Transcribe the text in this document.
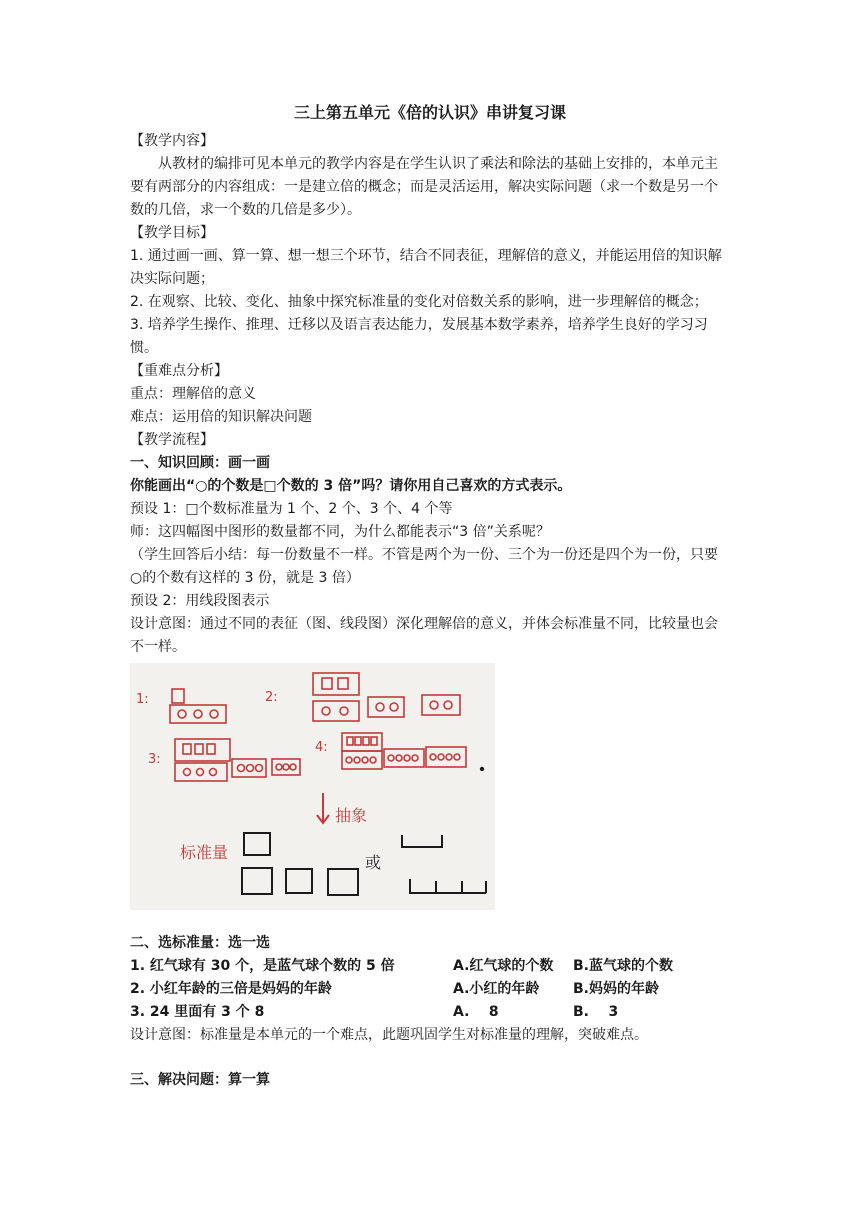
三上第五单元《倍的认识》串讲复习课

【教学内容】

从教材的编排可见本单元的教学内容是在学生认识了乘法和除法的基础上安排的，本单元主要有两部分的内容组成：一是建立倍的概念；而是灵活运用，解决实际问题（求一个数是另一个数的几倍，求一个数的几倍是多少）。

【教学目标】

1. 通过画一画、算一算、想一想三个环节，结合不同表征，理解倍的意义，并能运用倍的知识解决实际问题；

2. 在观察、比较、变化、抽象中探究标准量的变化对倍数关系的影响，进一步理解倍的概念；

3. 培养学生操作、推理、迁移以及语言表达能力，发展基本数学素养，培养学生良好的学习习惯。

【重难点分析】

重点：理解倍的意义

难点：运用倍的知识解决问题

【教学流程】

一、知识回顾：画一画

你能画出“○的个数是□个数的 3 倍”吗？请你用自己喜欢的方式表示。

预设 1：□个数标准量为 1 个、2 个、3 个、4 个等

师：这四幅图中图形的数量都不同，为什么都能表示“3 倍”关系呢？

（学生回答后小结：每一份数量不一样。不管是两个为一份、三个为一份还是四个为一份，只要○的个数有这样的 3 份，就是 3 倍）

预设 2：用线段图表示

设计意图：通过不同的表征（图、线段图）深化理解倍的意义，并体会标准量不同，比较量也会不一样。

1:	2:
3:
4:
抽象
标准量
或

二、选标准量：选一选

1. 红气球有 30 个，是蓝气球个数的 5 倍	A.红气球的个数 B.蓝气球的个数
2. 小红年龄的三倍是妈妈的年龄	A.小红的年龄 B.妈妈的年龄
3. 24 里面有 3 个 8	A.    8	B.    3

设计意图：标准量是本单元的一个难点，此题巩固学生对标准量的理解，突破难点。

三、解决问题：算一算
